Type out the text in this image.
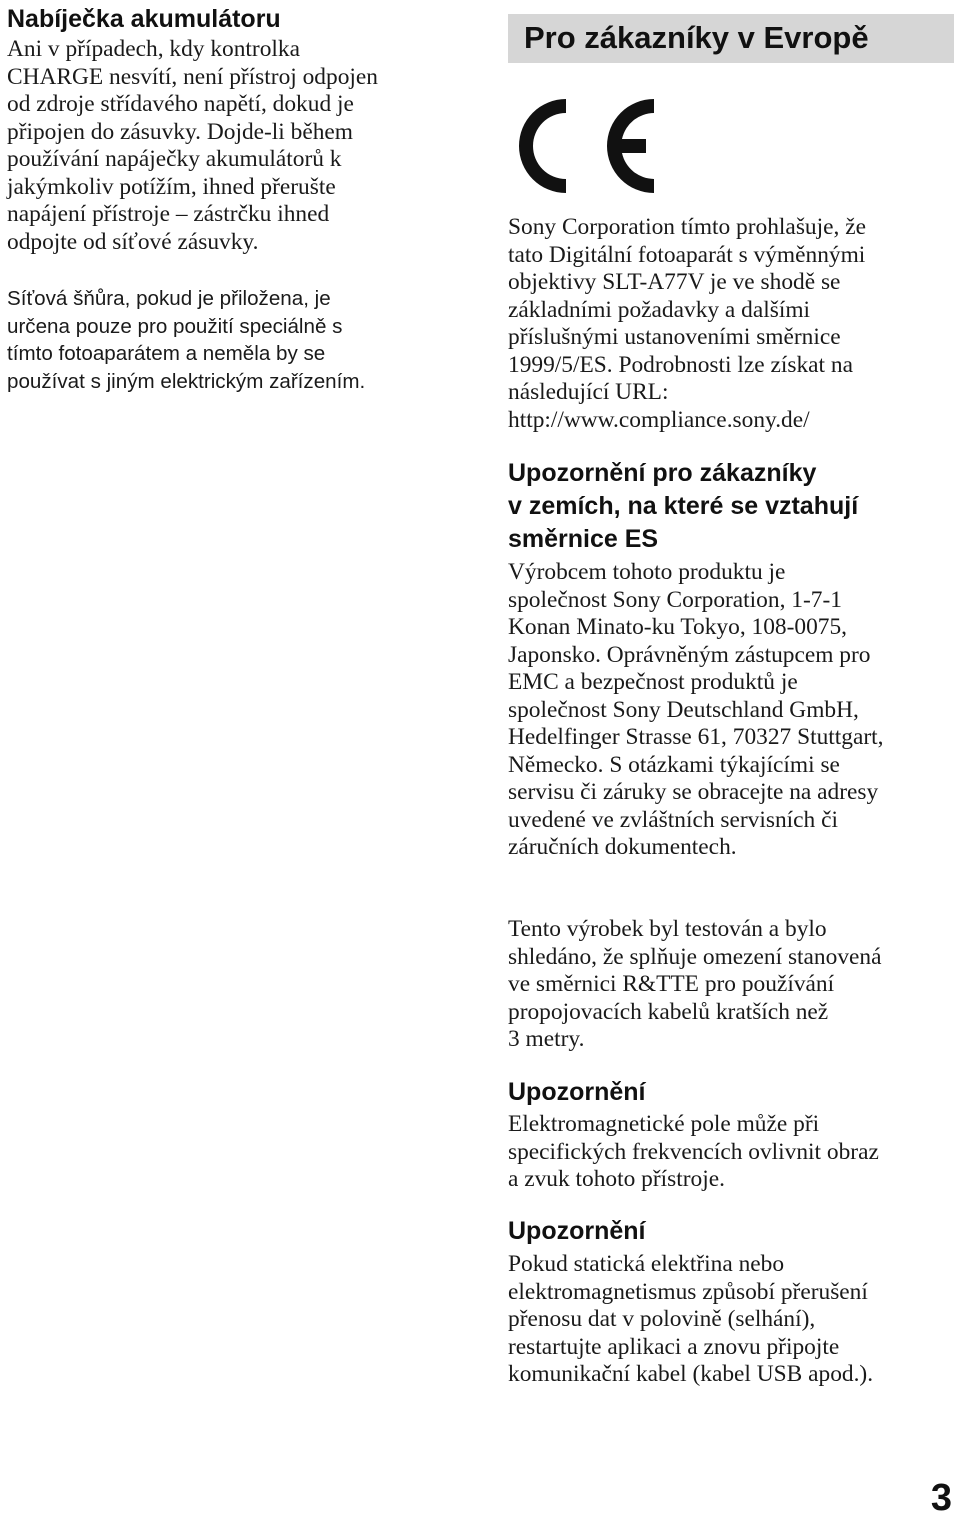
Nabíječka akumulátoru

Ani v případech, kdy kontrolka
CHARGE nesvítí, není přístroj odpojen
od zdroje střídavého napětí, dokud je
připojen do zásuvky. Dojde-li během
používání napáječky akumulátorů k
jakýmkoliv potížím, ihned přerušte
napájení přístroje – zástrčku ihned
odpojte od síťové zásuvky.

Síťová šňůra, pokud je přiložena, je
určena pouze pro použití speciálně s
tímto fotoaparátem a neměla by se
používat s jiným elektrickým zařízením.

Pro zákazníky v Evropě

Sony Corporation tímto prohlašuje, že
tato Digitální fotoaparát s výměnnými
objektivy SLT-A77V je ve shodě se
základními požadavky a dalšími
příslušnými ustanoveními směrnice
1999/5/ES. Podrobnosti lze získat na
následující URL:
http://www.compliance.sony.de/

Upozornění pro zákazníky
v zemích, na které se vztahují
směrnice ES

Výrobcem tohoto produktu je
společnost Sony Corporation, 1-7-1
Konan Minato-ku Tokyo, 108-0075,
Japonsko. Oprávněným zástupcem pro
EMC a bezpečnost produktů je
společnost Sony Deutschland GmbH,
Hedelfinger Strasse 61, 70327 Stuttgart,
Německo. S otázkami týkajícími se
servisu či záruky se obracejte na adresy
uvedené ve zvláštních servisních či
záručních dokumentech.

Tento výrobek byl testován a bylo
shledáno, že splňuje omezení stanovená
ve směrnici R&TTE pro používání
propojovacích kabelů kratších než
3 metry.

Upozornění

Elektromagnetické pole může při
specifických frekvencích ovlivnit obraz
a zvuk tohoto přístroje.

Upozornění

Pokud statická elektřina nebo
elektromagnetismus způsobí přerušení
přenosu dat v polovině (selhání),
restartujte aplikaci a znovu připojte
komunikační kabel (kabel USB apod.).

3
